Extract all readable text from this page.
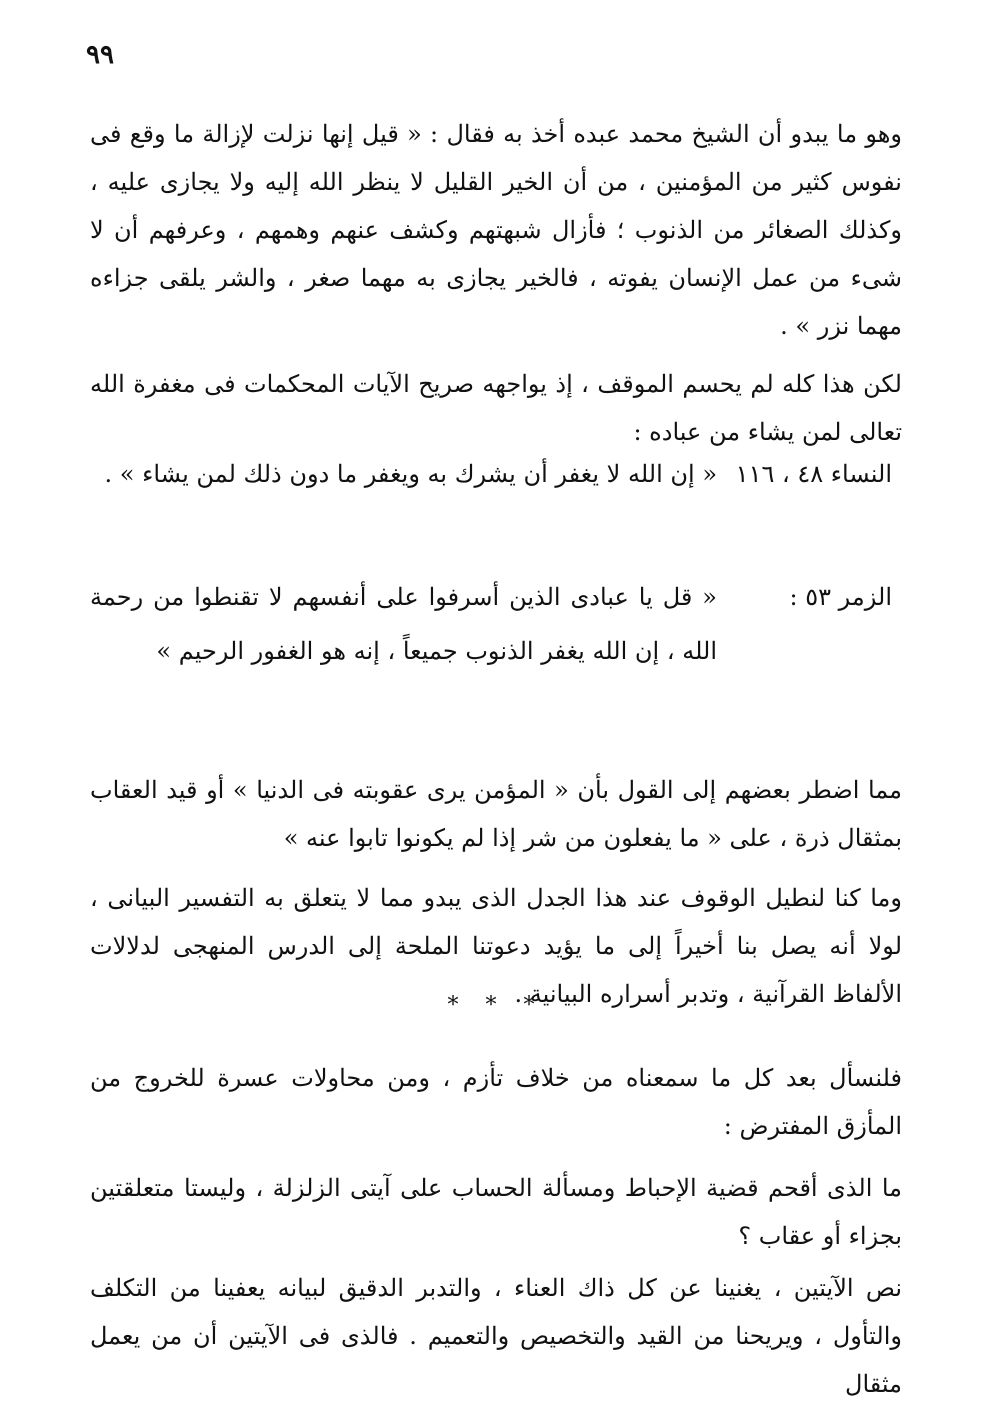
٩٩

وهو ما يبدو أن الشيخ محمد عبده أخذ به فقال : « قيل إنها نزلت لإزالة ما وقع فى نفوس كثير من المؤمنين ، من أن الخير القليل لا ينظر الله إليه ولا يجازى عليه ، وكذلك الصغائر من الذنوب ؛ فأزال شبهتهم وكشف عنهم وهمهم ، وعرفهم أن لا شىء من عمل الإنسان يفوته ، فالخير يجازى به مهما صغر ، والشر يلقى جزاءه مهما نزر » .

لكن هذا كله لم يحسم الموقف ، إذ يواجهه صريح الآيات المحكمات فى مغفرة الله تعالى لمن يشاء من عباده :

النساء ٤٨ ، ١١٦
« إن الله لا يغفر أن يشرك به ويغفر ما دون ذلك لمن يشاء » .
الزمر ٥٣ :
« قل يا عبادى الذين أسرفوا على أنفسهم لا تقنطوا من رحمة الله ، إن الله يغفر الذنوب جميعاً ، إنه هو الغفور الرحيم »

مما اضطر بعضهم إلى القول بأن « المؤمن يرى عقوبته فى الدنيا » أو قيد العقاب بمثقال ذرة ، على « ما يفعلون من شر إذا لم يكونوا تابوا عنه »

وما كنا لنطيل الوقوف عند هذا الجدل الذى يبدو مما لا يتعلق به التفسير البيانى ، لولا أنه يصل بنا أخيراً إلى ما يؤيد دعوتنا الملحة إلى الدرس المنهجى لدلالات الألفاظ القرآنية ، وتدبر أسراره البيانية .

* * *

فلنسأل بعد كل ما سمعناه من خلاف تأزم ، ومن محاولات عسرة للخروج من المأزق المفترض :

ما الذى أقحم قضية الإحباط ومسألة الحساب على آيتى الزلزلة ، وليستا متعلقتين بجزاء أو عقاب ؟

نص الآيتين ، يغنينا عن كل ذاك العناء ، والتدبر الدقيق لبيانه يعفينا من التكلف والتأول ، ويريحنا من القيد والتخصيص والتعميم . فالذى فى الآيتين أن من يعمل مثقال
